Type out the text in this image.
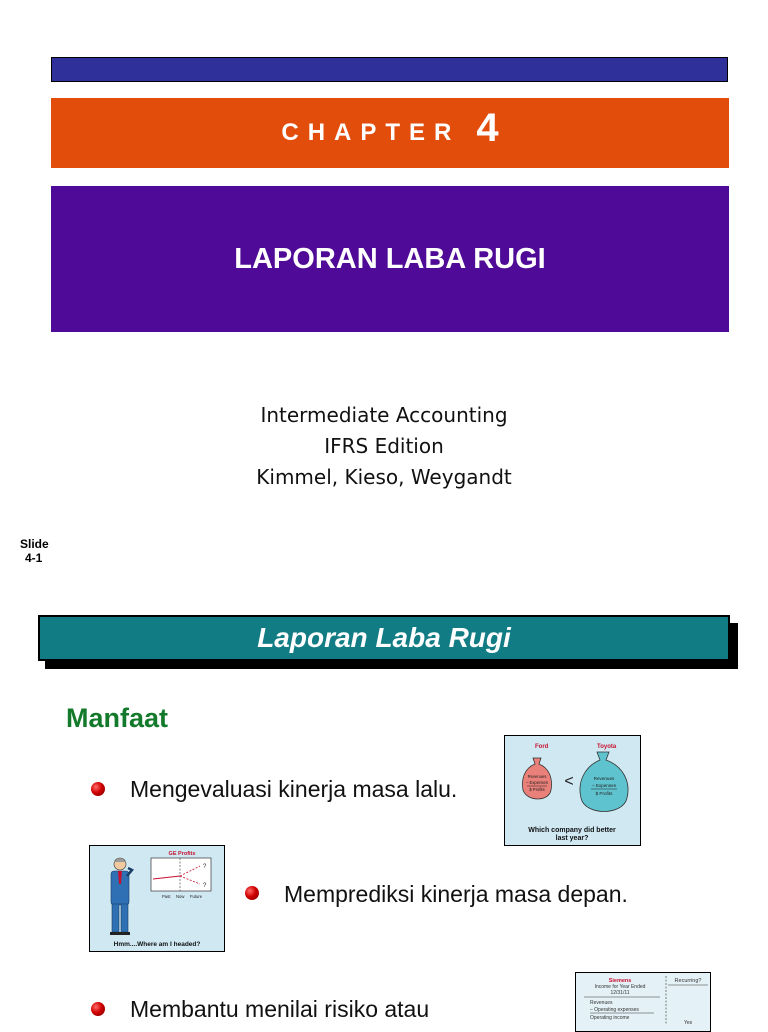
CHAPTER 4
LAPORAN LABA RUGI
Intermediate Accounting
IFRS Edition
Kimmel, Kieso, Weygandt
Slide
4-1
Laporan Laba Rugi
Manfaat
Mengevaluasi kinerja masa lalu.
Ford	Toyota
Revenues
– Expenses
$ Profits <	Revenues
– Expenses
$ Profits
Which company did better
last year?
GE Profits
?
?
Past Now Future
Hmm....Where am I headed?
Memprediksi kinerja masa depan.
Membantu menilai risiko atau
Siemens
Income for Year Ended
12/31/11
Recurring?
Revenues
– Operating expenses
Operating income
Yes
